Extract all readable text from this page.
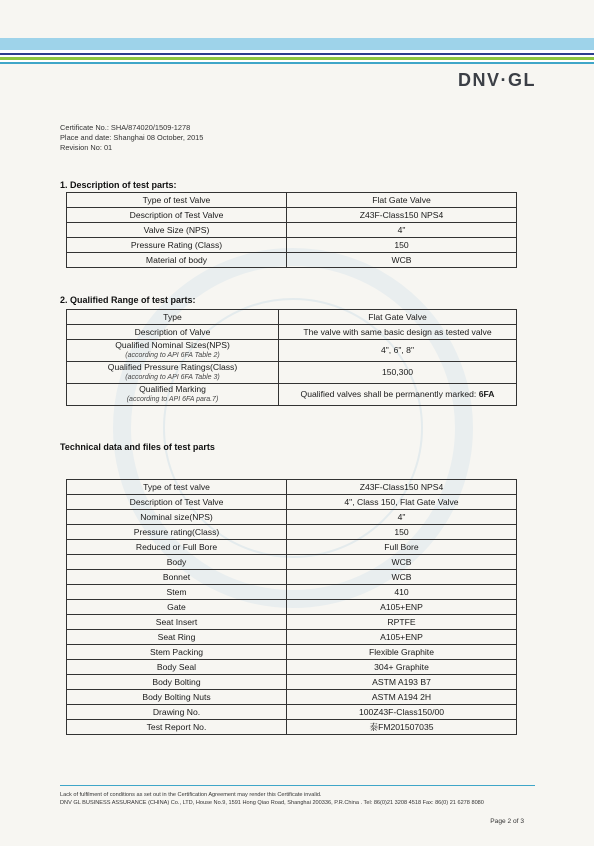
DNV·GL
Certificate No.: SHA/874020/1509-1278
Place and date: Shanghai 08 October, 2015
Revision No: 01
1. Description of test parts:
Type of test Valve	Flat Gate Valve
Description of Test Valve	Z43F-Class150 NPS4
Valve Size (NPS)	4"
Pressure Rating (Class)	150
Material of body	WCB
2. Qualified Range of test parts:
Type	Flat Gate Valve
Description of Valve	The valve with same basic design as tested valve
Qualified Nominal Sizes(NPS)
(according to API 6FA Table 2)	4", 6", 8"
Qualified Pressure Ratings(Class)
(according to API 6FA Table 3)	150,300
Qualified Marking
(according to API 6FA para.7)	Qualified valves shall be permanently marked: 6FA
Technical data and files of test parts
Type of test valve	Z43F-Class150 NPS4
Description of Test Valve	4", Class 150, Flat Gate Valve
Nominal size(NPS)	4"
Pressure rating(Class)	150
Reduced or Full Bore	Full Bore
Body	WCB
Bonnet	WCB
Stem	410
Gate	A105+ENP
Seat Insert	RPTFE
Seat Ring	A105+ENP
Stem Packing	Flexible Graphite
Body Seal	304+ Graphite
Body Bolting	ASTM A193 B7
Body Bolting Nuts	ASTM A194 2H
Drawing No.	100Z43F-Class150/00
Test Report No.	泰FM201507035
Lack of fulfilment of conditions as set out in the Certification Agreement may render this Certificate invalid.
DNV GL BUSINESS ASSURANCE (CHINA) Co., LTD, House No.9, 1591 Hong Qiao Road, Shanghai 200336, P.R.China . Tel: 86(0)21 3208 4518 Fax: 86(0) 21 6278 8080
Page 2 of 3
